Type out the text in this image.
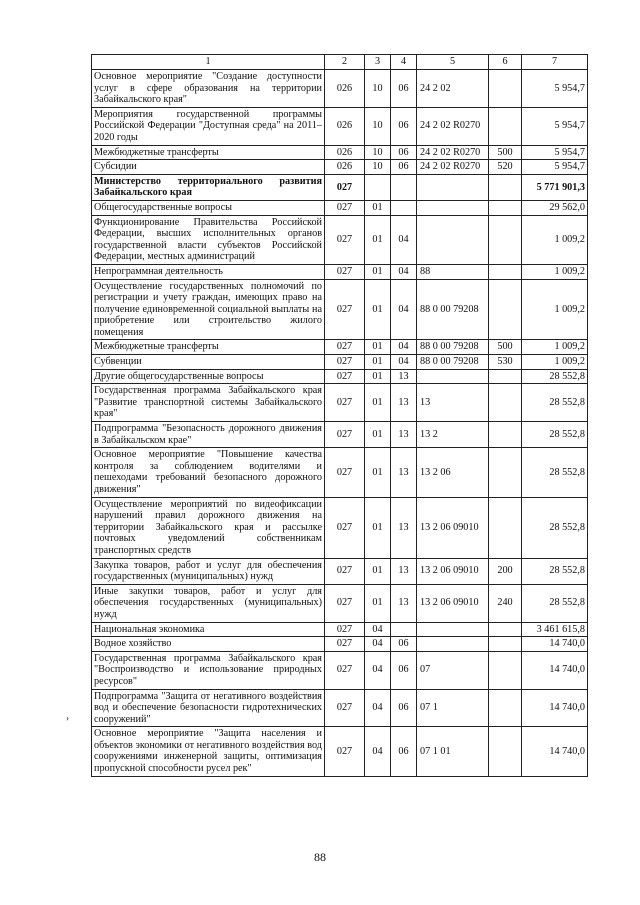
1	2	3	4	5	6	7
Основное мероприятие "Создание доступности услуг в сфере образования на территории Забайкальского края"	026	10	06	24 2 02		5 954,7
Мероприятия государственной программы Российской Федерации "Доступная среда" на 2011–2020 годы	026	10	06	24 2 02 R0270		5 954,7
Межбюджетные трансферты	026	10	06	24 2 02 R0270	500	5 954,7
Субсидии	026	10	06	24 2 02 R0270	520	5 954,7
Министерство территориального развития Забайкальского края	027					5 771 901,3
Общегосударственные вопросы	027	01				29 562,0
Функционирование Правительства Российской Федерации, высших исполнительных органов государственной власти субъектов Российской Федерации, местных администраций	027	01	04			1 009,2
Непрограммная деятельность	027	01	04	88		1 009,2
Осуществление государственных полномочий по регистрации и учету граждан, имеющих право на получение единовременной социальной выплаты на приобретение или строительство жилого помещения	027	01	04	88 0 00 79208		1 009,2
Межбюджетные трансферты	027	01	04	88 0 00 79208	500	1 009,2
Субвенции	027	01	04	88 0 00 79208	530	1 009,2
Другие общегосударственные вопросы	027	01	13			28 552,8
Государственная программа Забайкальского края "Развитие транспортной системы Забайкальского края"	027	01	13	13		28 552,8
Подпрограмма "Безопасность дорожного движения в Забайкальском крае"	027	01	13	13 2		28 552,8
Основное мероприятие "Повышение качества контроля за соблюдением водителями и пешеходами требований безопасного дорожного движения"	027	01	13	13 2 06		28 552,8
Осуществление мероприятий по видеофиксации нарушений правил дорожного движения на территории Забайкальского края и рассылке почтовых уведомлений собственникам транспортных средств	027	01	13	13 2 06 09010		28 552,8
Закупка товаров, работ и услуг для обеспечения государственных (муниципальных) нужд	027	01	13	13 2 06 09010	200	28 552,8
Иные закупки товаров, работ и услуг для обеспечения государственных (муниципальных) нужд	027	01	13	13 2 06 09010	240	28 552,8
Национальная экономика	027	04				3 461 615,8
Водное хозяйство	027	04	06			14 740,0
Государственная программа Забайкальского края "Воспроизводство и использование природных ресурсов"	027	04	06	07		14 740,0
Подпрограмма "Защита от негативного воздействия вод и обеспечение безопасности гидротехнических сооружений"	027	04	06	07 1		14 740,0
Основное мероприятие "Защита населения и объектов экономики от негативного воздействия вод сооружениями инженерной защиты, оптимизация пропускной способности русел рек"	027	04	06	07 1 01		14 740,0
›
88
